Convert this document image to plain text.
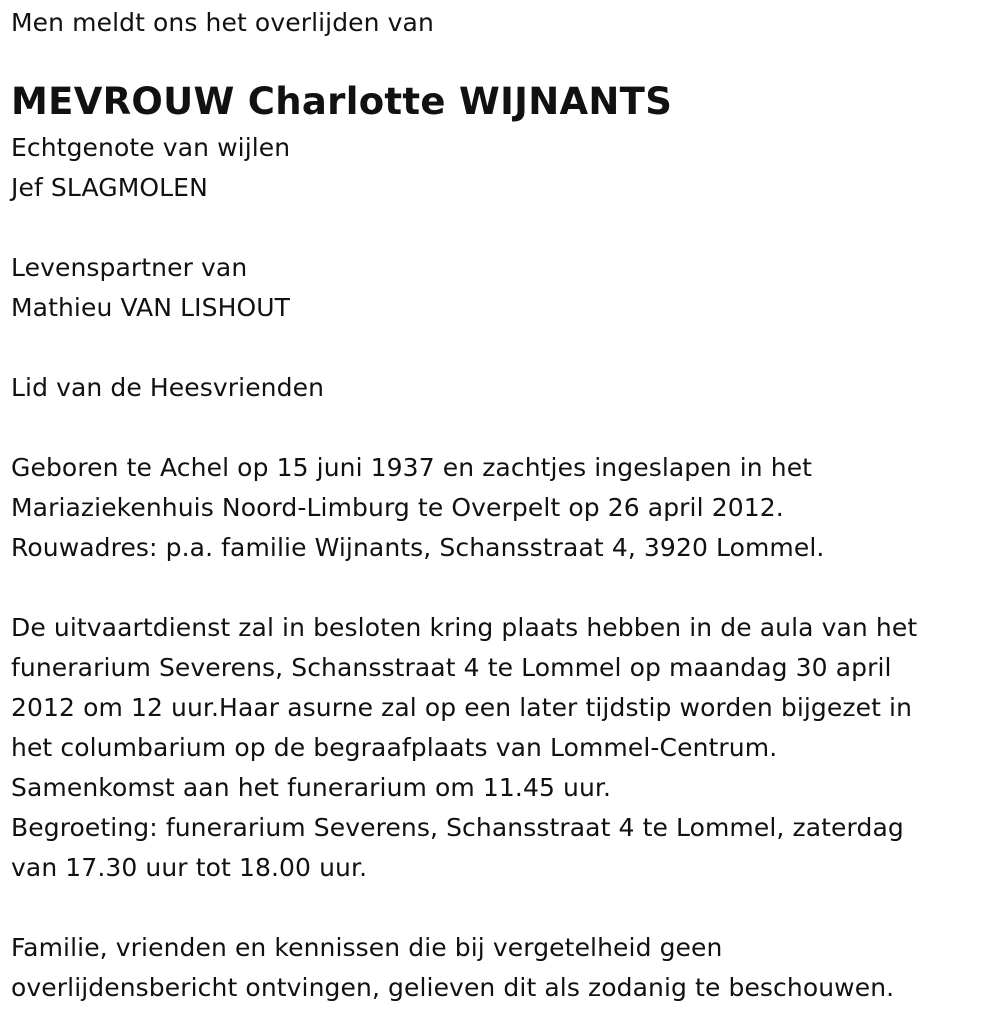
Men meldt ons het overlijden van
MEVROUW Charlotte WIJNANTS
Echtgenote van wijlen
Jef SLAGMOLEN
Levenspartner van
Mathieu VAN LISHOUT
Lid van de Heesvrienden
Geboren te Achel op 15 juni 1937 en zachtjes ingeslapen in het
Mariaziekenhuis Noord-Limburg te Overpelt op 26 april 2012.
Rouwadres: p.a. familie Wijnants, Schansstraat 4, 3920 Lommel.
De uitvaartdienst zal in besloten kring plaats hebben in de aula van het
funerarium Severens, Schansstraat 4 te Lommel op maandag 30 april
2012 om 12 uur.Haar asurne zal op een later tijdstip worden bijgezet in
het columbarium op de begraafplaats van Lommel-Centrum.
Samenkomst aan het funerarium om 11.45 uur.
Begroeting: funerarium Severens, Schansstraat 4 te Lommel, zaterdag
van 17.30 uur tot 18.00 uur.
Familie, vrienden en kennissen die bij vergetelheid geen
overlijdensbericht ontvingen, gelieven dit als zodanig te beschouwen.
